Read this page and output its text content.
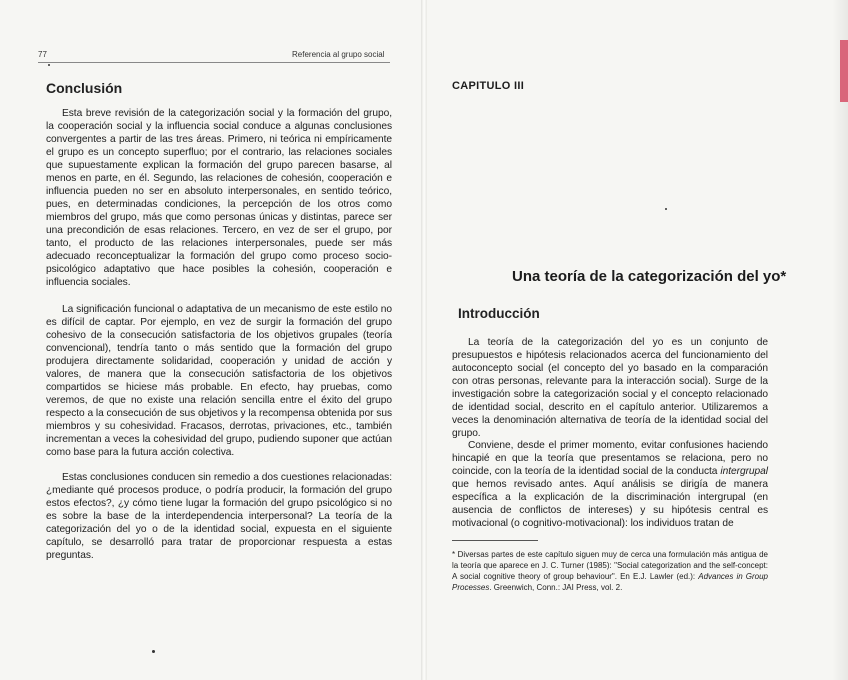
77	Referencia al grupo social
Conclusión

Esta breve revisión de la categorización social y la formación del grupo, la cooperación social y la influencia social conduce a algunas conclusiones convergentes a partir de las tres áreas. Primero, ni teórica ni empíricamente el grupo es un concepto superfluo; por el contrario, las relaciones sociales que supuestamente explican la formación del grupo parecen basarse, al menos en parte, en él. Segundo, las relaciones de cohesión, cooperación e influencia pueden no ser en absoluto interpersonales, en sentido teórico, pues, en determinadas condiciones, la percepción de los otros como miembros del grupo, más que como personas únicas y distintas, parece ser una precondición de esas relaciones. Tercero, en vez de ser el grupo, por tanto, el producto de las relaciones interpersonales, puede ser más adecuado reconceptualizar la formación del grupo como proceso socio-psicológico adaptativo que hace posibles la cohesión, cooperación e influencia sociales.

La significación funcional o adaptativa de un mecanismo de este estilo no es difícil de captar. Por ejemplo, en vez de surgir la formación del grupo cohesivo de la consecución satisfactoria de los objetivos grupales (teoría convencional), tendría tanto o más sentido que la formación del grupo produjera directamente solidaridad, cooperación y unidad de acción y valores, de manera que la consecución satisfactoria de los objetivos compartidos se hiciese más probable. En efecto, hay pruebas, como veremos, de que no existe una relación sencilla entre el éxito del grupo respecto a la consecución de sus objetivos y la recompensa obtenida por sus miembros y su cohesividad. Fracasos, derrotas, privaciones, etc., también incrementan a veces la cohesividad del grupo, pudiendo suponer que actúan como base para la futura acción colectiva.

Estas conclusiones conducen sin remedio a dos cuestiones relacionadas: ¿mediante qué procesos produce, o podría producir, la formación del grupo estos efectos?, ¿y cómo tiene lugar la formación del grupo psicológico si no es sobre la base de la interdependencia interpersonal? La teoría de la categorización del yo o de la identidad social, expuesta en el siguiente capítulo, se desarrolló para tratar de proporcionar respuesta a estas preguntas.

CAPITULO III
Una teoría de la categorización del yo*
Introducción

La teoría de la categorización del yo es un conjunto de presupuestos e hipótesis relacionados acerca del funcionamiento del autoconcepto social (el concepto del yo basado en la comparación con otras personas, relevante para la interacción social). Surge de la investigación sobre la categorización social y el concepto relacionado de identidad social, descrito en el capítulo anterior. Utilizaremos a veces la denominación alternativa de teoría de la identidad social del grupo.

Conviene, desde el primer momento, evitar confusiones haciendo hincapié en que la teoría que presentamos se relaciona, pero no coincide, con la teoría de la identidad social de la conducta intergrupal que hemos revisado antes. Aquí análisis se dirigía de manera específica a la explicación de la discriminación intergrupal (en ausencia de conflictos de intereses) y su hipótesis central es motivacional (o cognitivo-motivacional): los individuos tratan de

* Diversas partes de este capítulo siguen muy de cerca una formulación más antigua de la teoría que aparece en J. C. Turner (1985): "Social categorization and the self-concept: A social cognitive theory of group behaviour". En E.J. Lawler (ed.): Advances in Group Processes. Greenwich, Conn.: JAI Press, vol. 2.
